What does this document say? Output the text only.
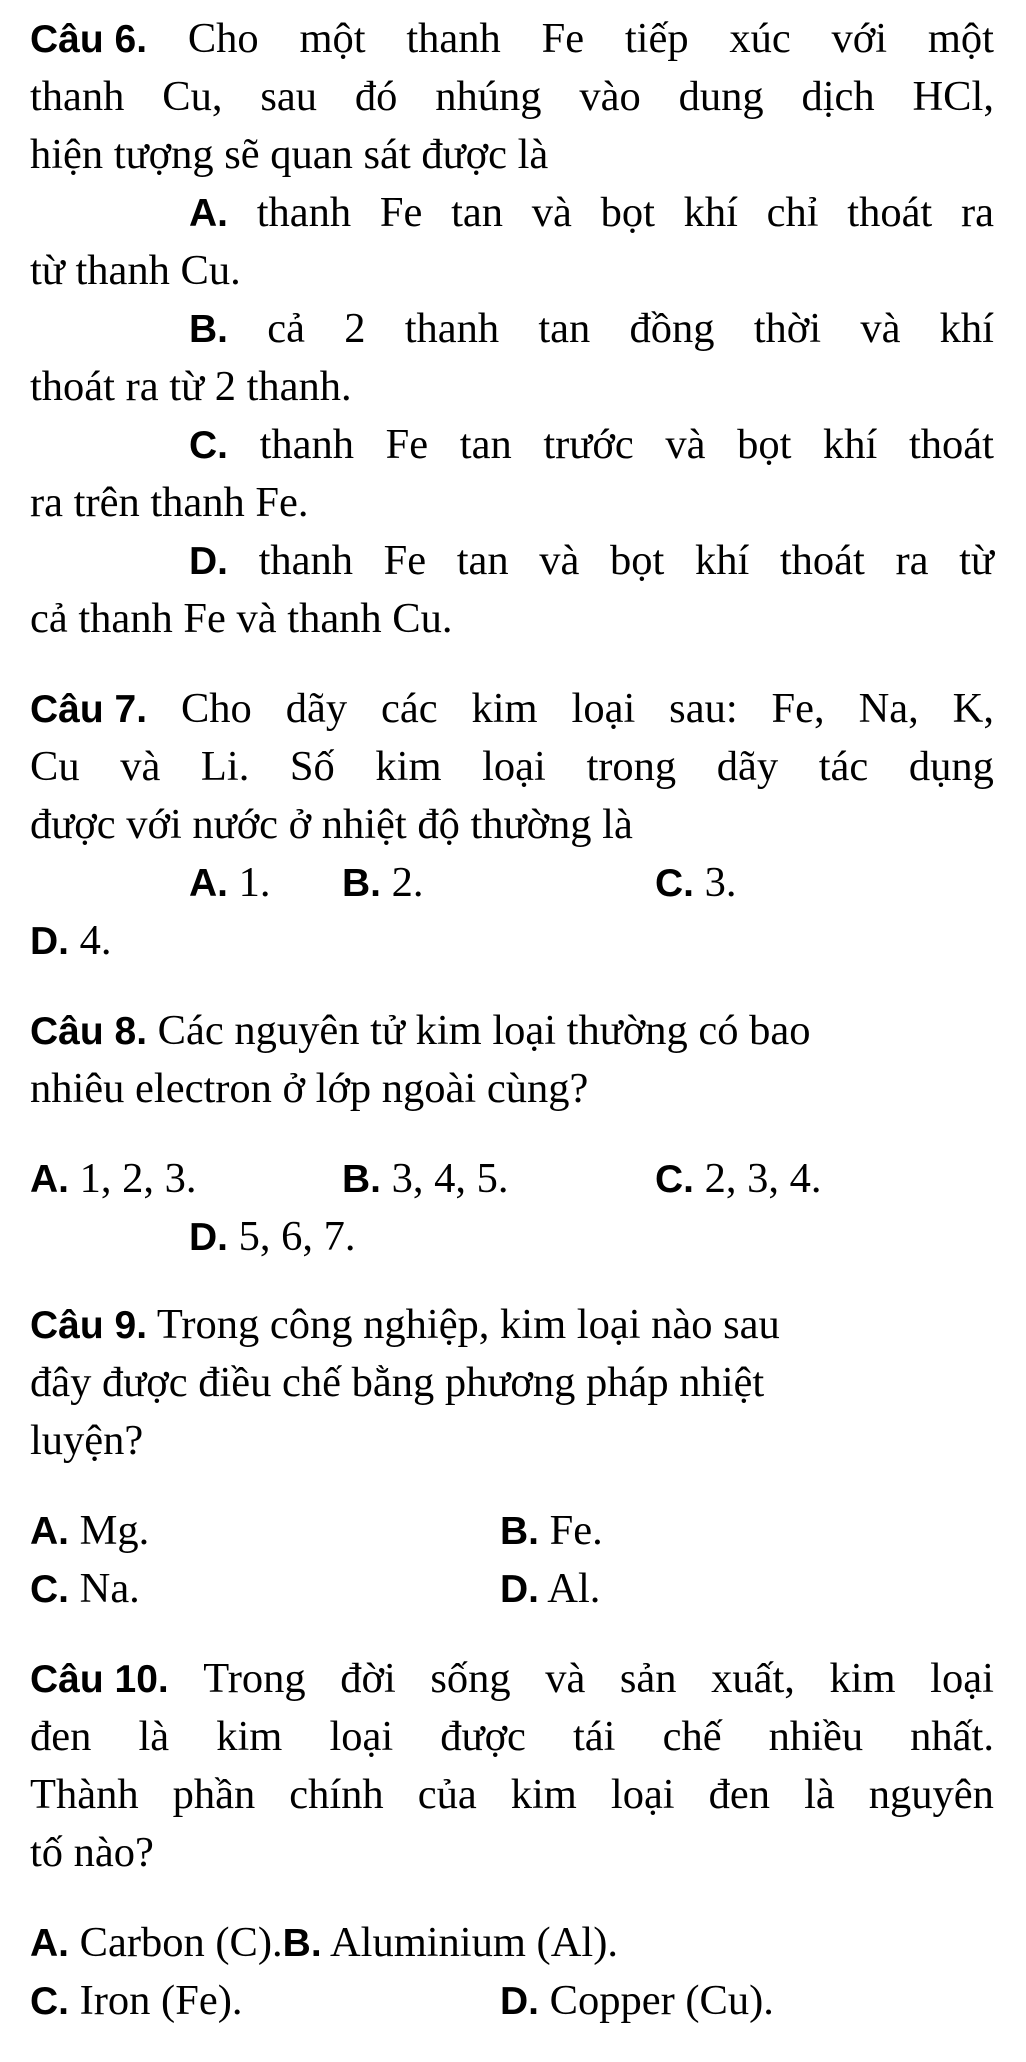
Câu 6. Cho một thanh Fe tiếp xúc với một
thanh Cu, sau đó nhúng vào dung dịch HCl,
hiện tượng sẽ quan sát được là
A. thanh Fe tan và bọt khí chỉ thoát ra
từ thanh Cu.
B. cả 2 thanh tan đồng thời và khí
thoát ra từ 2 thanh.
C. thanh Fe tan trước và bọt khí thoát
ra trên thanh Fe.
D. thanh Fe tan và bọt khí thoát ra từ
cả thanh Fe và thanh Cu.
Câu 7. Cho dãy các kim loại sau: Fe, Na, K,
Cu và Li. Số kim loại trong dãy tác dụng
được với nước ở nhiệt độ thường là
A. 1. B. 2.	C. 3.
D. 4.
Câu 8. Các nguyên tử kim loại thường có bao
nhiêu electron ở lớp ngoài cùng?
A. 1, 2, 3.	B. 3, 4, 5.	C. 2, 3, 4.
D. 5, 6, 7.
Câu 9. Trong công nghiệp, kim loại nào sau
đây được điều chế bằng phương pháp nhiệt
luyện?
A. Mg.	B. Fe.
C. Na.	D. Al.
Câu 10. Trong đời sống và sản xuất, kim loại
đen là kim loại được tái chế nhiều nhất.
Thành phần chính của kim loại đen là nguyên
tố nào?
A. Carbon (C).B. Aluminium (Al).
C. Iron (Fe).	D. Copper (Cu).
